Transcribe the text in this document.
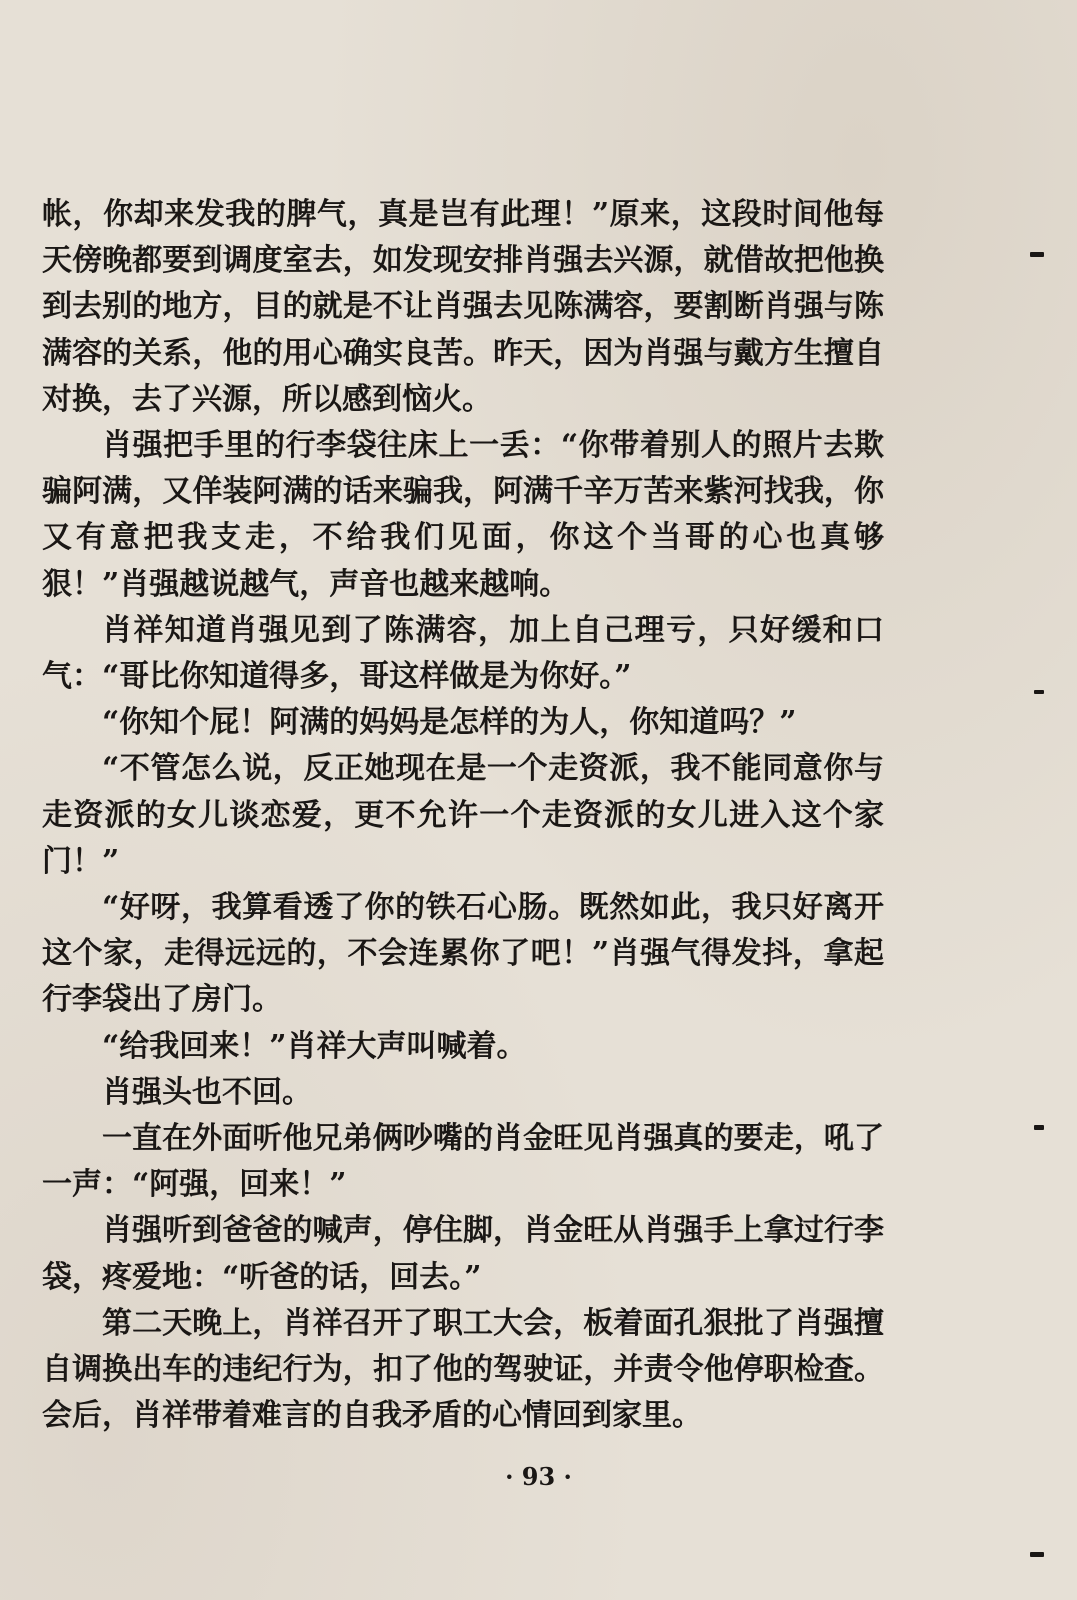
帐，你却来发我的脾气，真是岂有此理！”原来，这段时间他每天傍晚都要到调度室去，如发现安排肖强去兴源，就借故把他换到去别的地方，目的就是不让肖强去见陈满容，要割断肖强与陈满容的关系，他的用心确实良苦。昨天，因为肖强与戴方生擅自对换，去了兴源，所以感到恼火。

肖强把手里的行李袋往床上一丢：“你带着别人的照片去欺骗阿满，又佯装阿满的话来骗我，阿满千辛万苦来紫河找我，你又有意把我支走，不给我们见面，你这个当哥的心也真够狠！”肖强越说越气，声音也越来越响。

肖祥知道肖强见到了陈满容，加上自己理亏，只好缓和口气：“哥比你知道得多，哥这样做是为你好。”

“你知个屁！阿满的妈妈是怎样的为人，你知道吗？”

“不管怎么说，反正她现在是一个走资派，我不能同意你与走资派的女儿谈恋爱，更不允许一个走资派的女儿进入这个家门！”

“好呀，我算看透了你的铁石心肠。既然如此，我只好离开这个家，走得远远的，不会连累你了吧！”肖强气得发抖，拿起行李袋出了房门。

“给我回来！”肖祥大声叫喊着。

肖强头也不回。

一直在外面听他兄弟俩吵嘴的肖金旺见肖强真的要走，吼了一声：“阿强，回来！”

肖强听到爸爸的喊声，停住脚，肖金旺从肖强手上拿过行李袋，疼爱地：“听爸的话，回去。”

第二天晚上，肖祥召开了职工大会，板着面孔狠批了肖强擅自调换出车的违纪行为，扣了他的驾驶证，并责令他停职检查。会后，肖祥带着难言的自我矛盾的心情回到家里。

· 93 ·
